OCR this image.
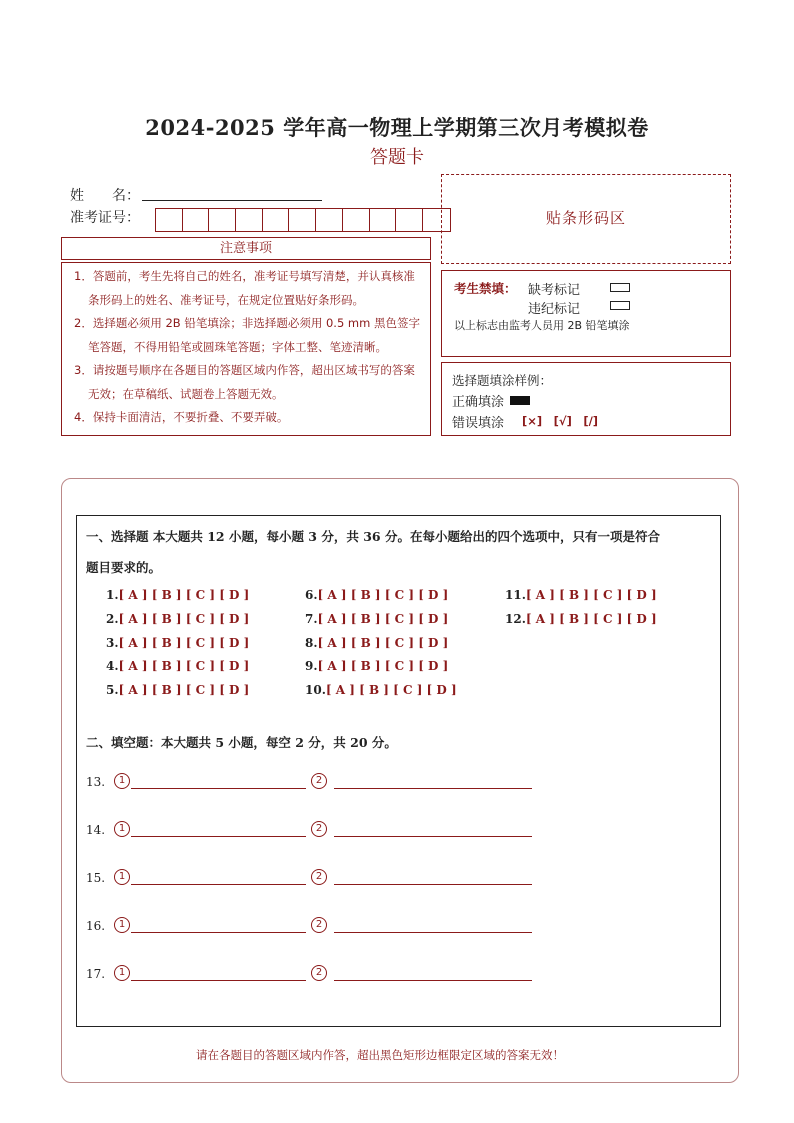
2024-2025 学年高一物理上学期第三次月考模拟卷
答题卡
姓　　名：
准考证号：	贴条形码区
注意事项
1．答题前，考生先将自己的姓名，准考证号填写清楚，并认真核准条形码上的姓名、准考证号，在规定位置贴好条形码。
2．选择题必须用 2B 铅笔填涂；非选择题必须用 0.5 mm 黑色签字笔答题，不得用铅笔或圆珠笔答题；字体工整、笔迹清晰。
3．请按题号顺序在各题目的答题区域内作答，超出区域书写的答案无效；在草稿纸、试题卷上答题无效。
4．保持卡面清洁，不要折叠、不要弄破。
考生禁填： 缺考标记
违纪标记
以上标志由监考人员用 2B 铅笔填涂
选择题填涂样例：
正确填涂
错误填涂 [×]　[√]　[/]
一、选择题 本大题共 12 小题，每小题 3 分，共 36 分。在每小题给出的四个选项中，只有一项是符合
题目要求的。
1.[ A ] [ B ] [ C ] [ D ]
2.[ A ] [ B ] [ C ] [ D ]
3.[ A ] [ B ] [ C ] [ D ]
4.[ A ] [ B ] [ C ] [ D ]
5.[ A ] [ B ] [ C ] [ D ]
6.[ A ] [ B ] [ C ] [ D ]
7.[ A ] [ B ] [ C ] [ D ]
8.[ A ] [ B ] [ C ] [ D ]
9.[ A ] [ B ] [ C ] [ D ]
10.[ A ] [ B ] [ C ] [ D ]
11.[ A ] [ B ] [ C ] [ D ]
12.[ A ] [ B ] [ C ] [ D ]
二、填空题：本大题共 5 小题，每空 2 分，共 20 分。
13.	1	2
14.	1	2
15.	1	2
16.	1	2
17.	1	2
请在各题目的答题区域内作答，超出黑色矩形边框限定区域的答案无效！
